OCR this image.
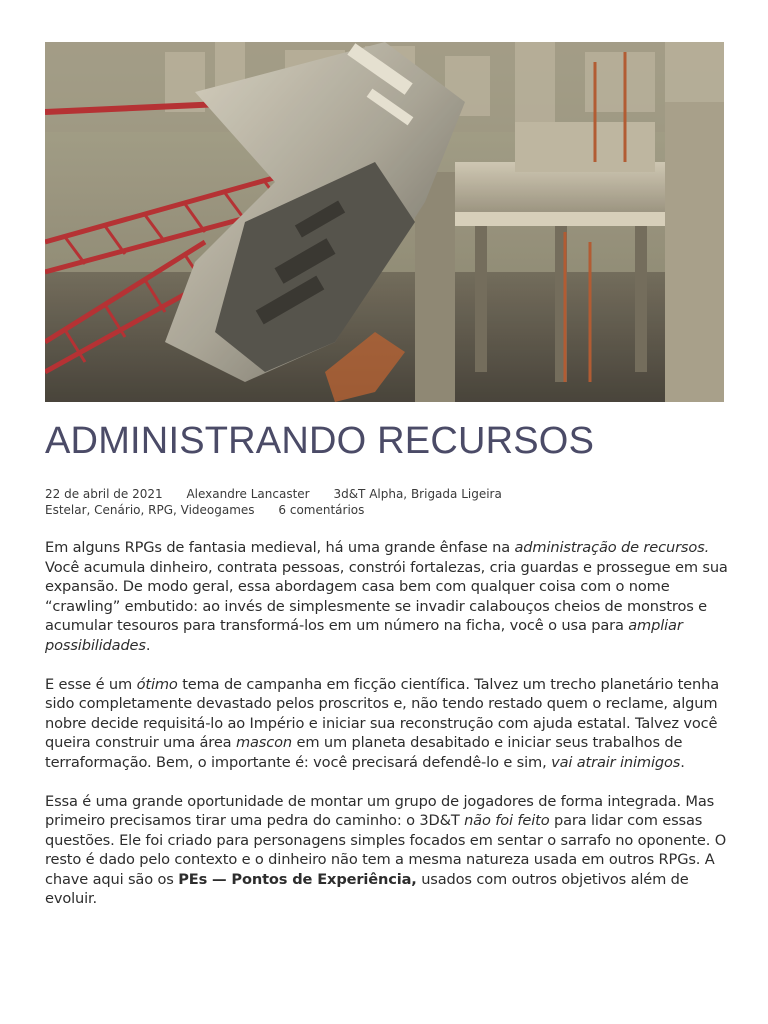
ADMINISTRANDO RECURSOS
22 de abril de 2021 Alexandre Lancaster 3d&T Alpha, Brigada Ligeira
Estelar, Cenário, RPG, Videogames 6 comentários

Em alguns RPGs de fantasia medieval, há uma grande ênfase na administração de recursos. Você acumula dinheiro, contrata pessoas, constrói fortalezas, cria guardas e prossegue em sua expansão. De modo geral, essa abordagem casa bem com qualquer coisa com o nome “crawling” embutido: ao invés de simplesmente se invadir calabouços cheios de monstros e acumular tesouros para transformá-los em um número na ficha, você o usa para ampliar possibilidades.

E esse é um ótimo tema de campanha em ficção científica. Talvez um trecho planetário tenha sido completamente devastado pelos proscritos e, não tendo restado quem o reclame, algum nobre decide requisitá-lo ao Império e iniciar sua reconstrução com ajuda estatal. Talvez você queira construir uma área mascon em um planeta desabitado e iniciar seus trabalhos de terraformação. Bem, o importante é: você precisará defendê-lo e sim, vai atrair inimigos.

Essa é uma grande oportunidade de montar um grupo de jogadores de forma integrada. Mas primeiro precisamos tirar uma pedra do caminho: o 3D&T não foi feito para lidar com essas questões. Ele foi criado para personagens simples focados em sentar o sarrafo no oponente. O resto é dado pelo contexto e o dinheiro não tem a mesma natureza usada em outros RPGs. A chave aqui são os PEs — Pontos de Experiência, usados com outros objetivos além de evoluir.
